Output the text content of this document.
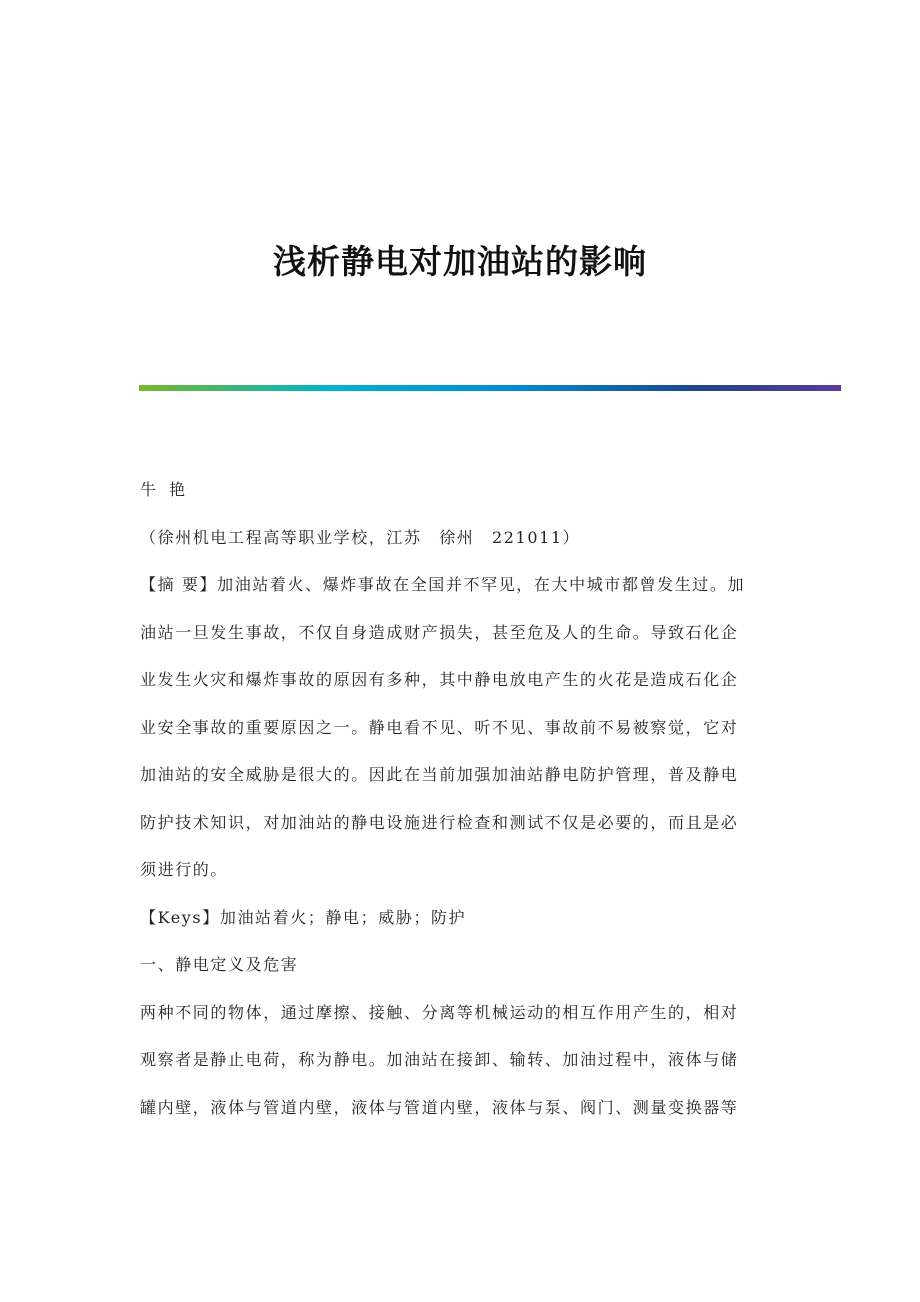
浅析静电对加油站的影响

牛艳

（徐州机电工程高等职业学校，江苏　徐州　221011）

【摘 要】加油站着火、爆炸事故在全国并不罕见，在大中城市都曾发生过。加
油站一旦发生事故，不仅自身造成财产损失，甚至危及人的生命。导致石化企
业发生火灾和爆炸事故的原因有多种，其中静电放电产生的火花是造成石化企
业安全事故的重要原因之一。静电看不见、听不见、事故前不易被察觉，它对
加油站的安全威胁是很大的。因此在当前加强加油站静电防护管理，普及静电
防护技术知识，对加油站的静电设施进行检查和测试不仅是必要的，而且是必
须进行的。

【Keys】加油站着火；静电；威胁；防护

一、静电定义及危害

两种不同的物体，通过摩擦、接触、分离等机械运动的相互作用产生的，相对
观察者是静止电荷，称为静电。加油站在接卸、输转、加油过程中，液体与储
罐内壁，液体与管道内壁，液体与管道内壁，液体与泵、阀门、测量变换器等
